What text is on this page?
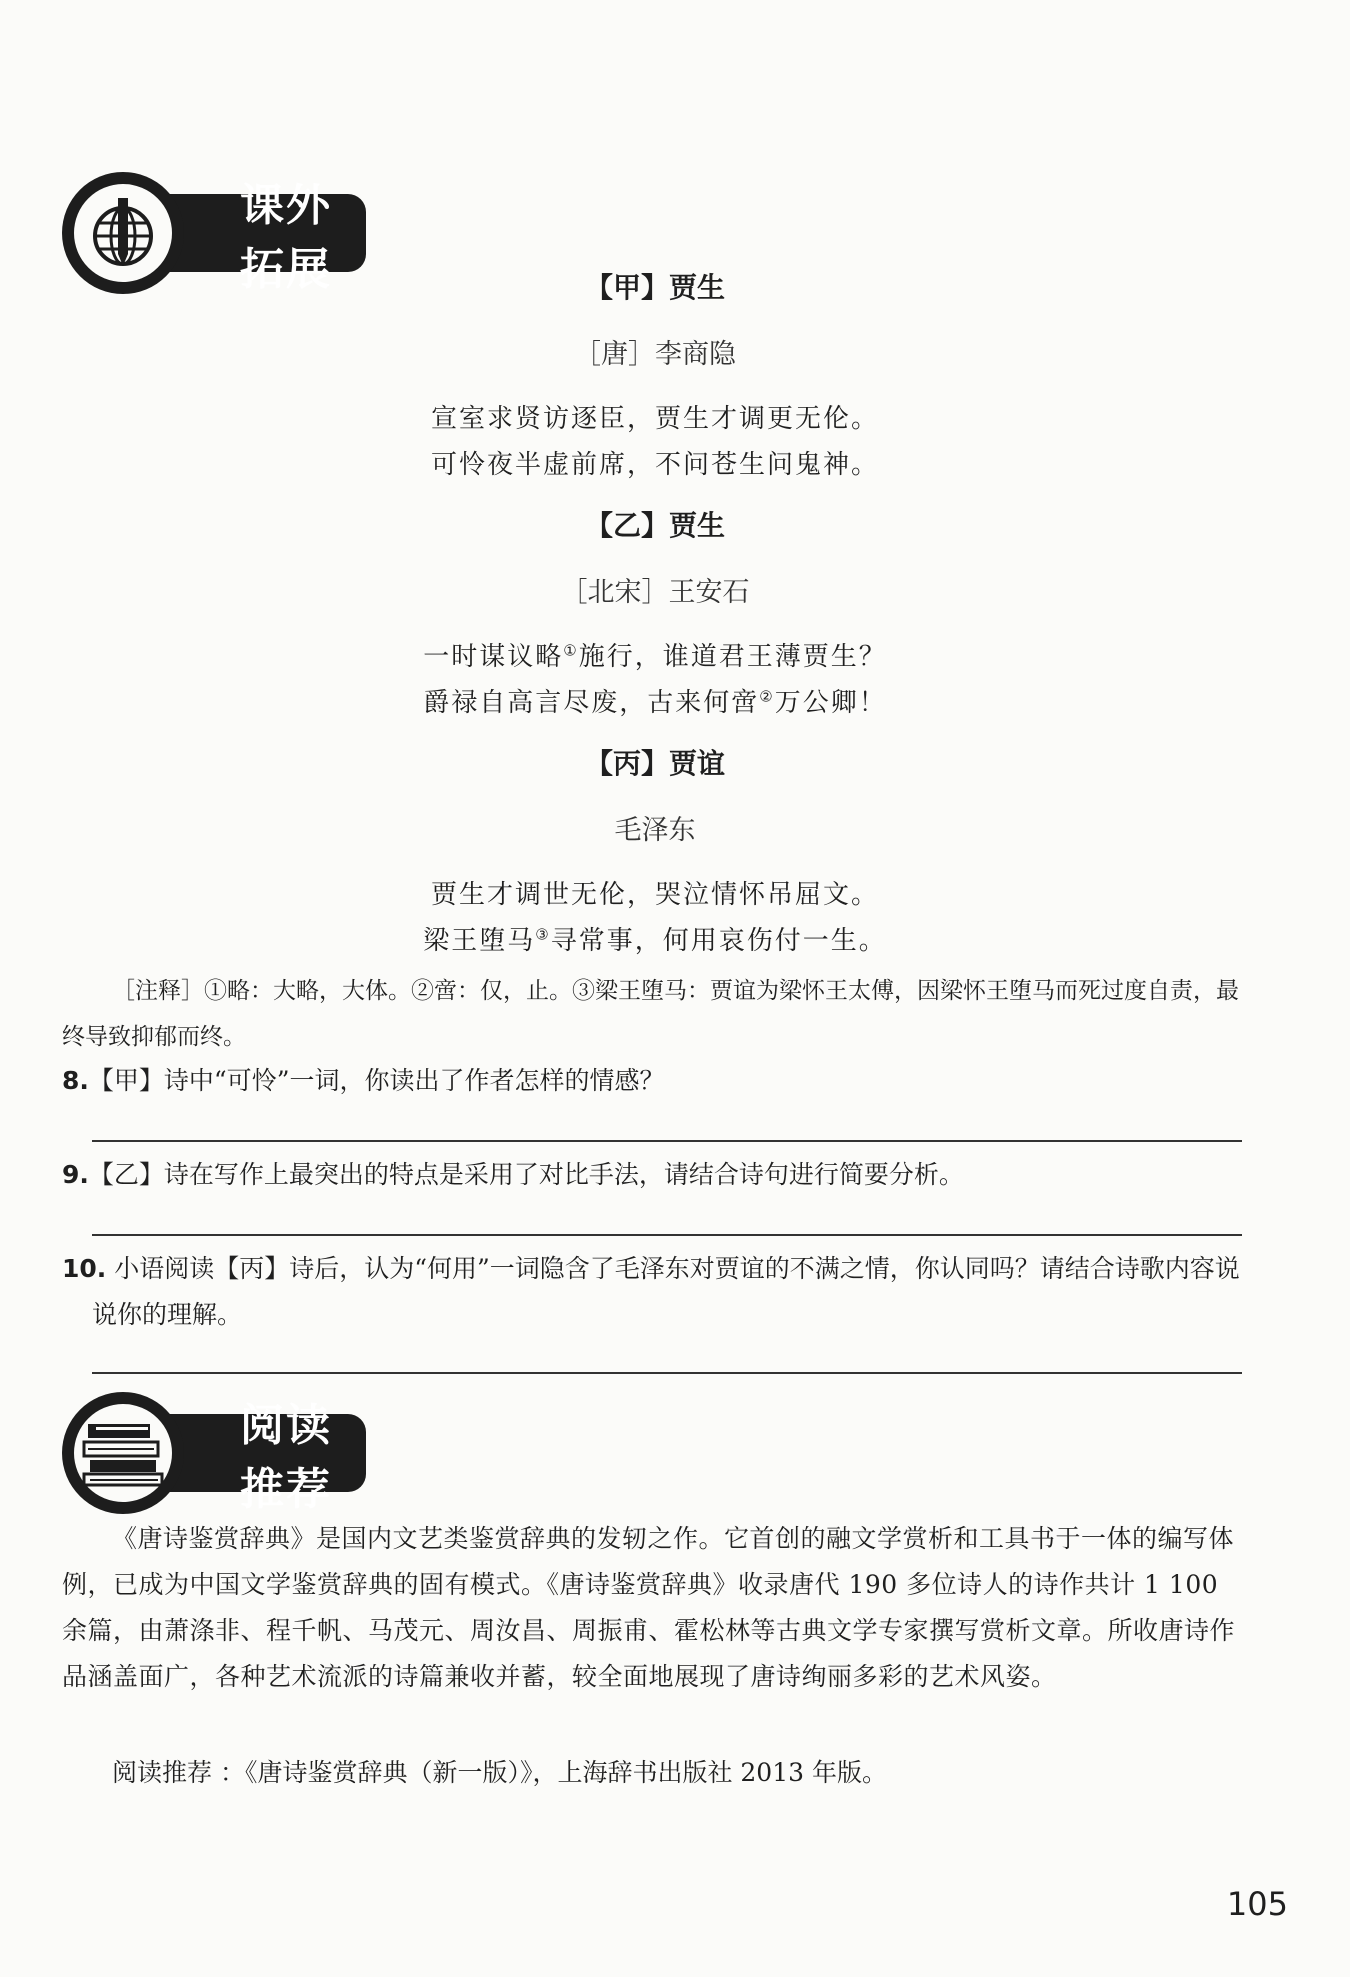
课外拓展	【甲】贾生
［唐］李商隐
宣室求贤访逐臣，贾生才调更无伦。
可怜夜半虚前席，不问苍生问鬼神。
【乙】贾生
［北宋］王安石
一时谋议略①施行，谁道君王薄贾生？
爵禄自高言尽废，古来何啻②万公卿！
【丙】贾谊
毛泽东
贾生才调世无伦，哭泣情怀吊屈文。
梁王堕马③寻常事，何用哀伤付一生。
［注释］①略：大略，大体。②啻：仅，止。③梁王堕马：贾谊为梁怀王太傅，因梁怀王堕马而死过度自责，最终导致抑郁而终。
8.【甲】诗中“可怜”一词，你读出了作者怎样的情感？
9.【乙】诗在写作上最突出的特点是采用了对比手法，请结合诗句进行简要分析。
10. 小语阅读【丙】诗后，认为“何用”一词隐含了毛泽东对贾谊的不满之情，你认同吗？请结合诗歌内容说说你的理解。
阅读推荐
《唐诗鉴赏辞典》是国内文艺类鉴赏辞典的发轫之作。它首创的融文学赏析和工具书于一体的编写体例，已成为中国文学鉴赏辞典的固有模式。《唐诗鉴赏辞典》收录唐代 190 多位诗人的诗作共计 1 100 余篇，由萧涤非、程千帆、马茂元、周汝昌、周振甫、霍松林等古典文学专家撰写赏析文章。所收唐诗作品涵盖面广，各种艺术流派的诗篇兼收并蓄，较全面地展现了唐诗绚丽多彩的艺术风姿。
阅读推荐 ：《唐诗鉴赏辞典（新一版）》，上海辞书出版社 2013 年版。
105
